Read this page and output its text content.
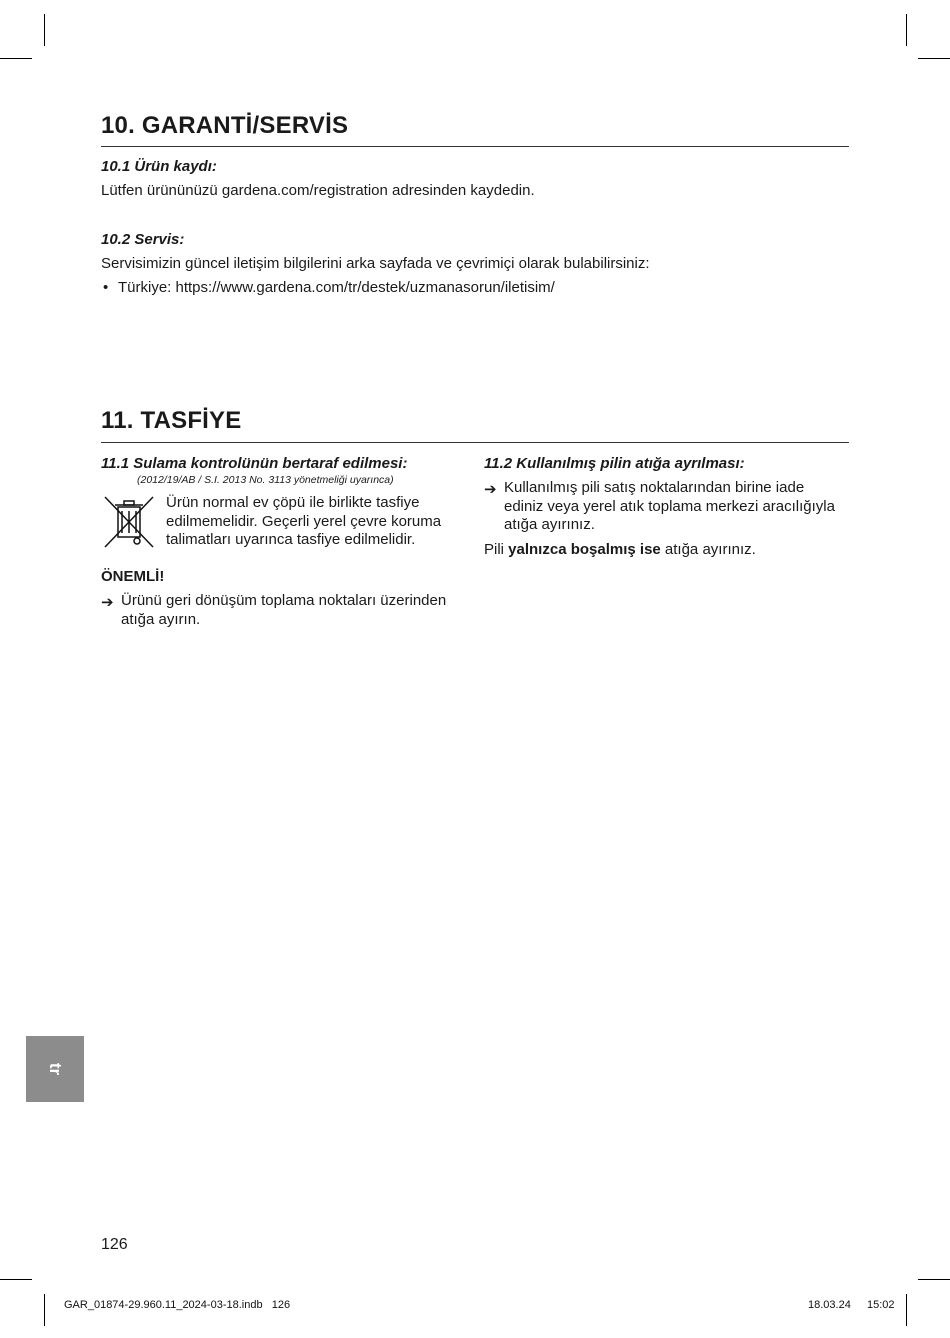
10. GARANTİ/SERVİS
10.1 Ürün kaydı:
Lütfen ürününüzü gardena.com/registration adresinden kaydedin.
10.2 Servis:
Servisimizin güncel iletişim bilgilerini arka sayfada ve çevrimiçi olarak bulabilirsiniz:
• Türkiye: https://www.gardena.com/tr/destek/uzmanasorun/iletisim/
11. TASFİYE
11.1 Sulama kontrolünün bertaraf edilmesi:
(2012/19/AB / S.I. 2013 No. 3113 yönetmeliği uyarınca)
Ürün normal ev çöpü ile birlikte tasfiye
edilmemelidir. Geçerli yerel çevre koruma
talimatları uyarınca tasfiye edilmelidir.
ÖNEMLİ!
➔ Ürünü geri dönüşüm toplama noktaları üzerinden
atığa ayırın.
11.2 Kullanılmış pilin atığa ayrılması:
➔ Kullanılmış pili satış noktalarından birine iade
ediniz veya yerel atık toplama merkezi aracılığıyla
atığa ayırınız.
Pili yalnızca boşalmış ise atığa ayırınız.
tr
126
GAR_01874-29.960.11_2024-03-18.indb   126	18.03.24 15:02
